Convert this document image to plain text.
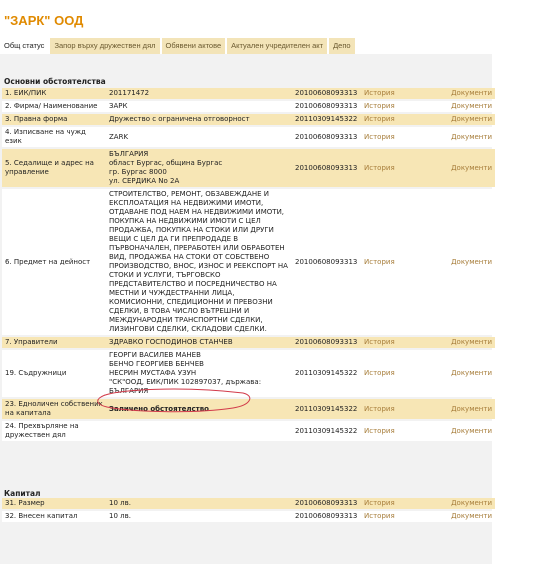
"ЗАРК" ООД
Общ статус	Запор върху дружествен дял	Обявени актове	Актуален учредителен акт	Депо
Основни обстоятелства
1. ЕИК/ПИК	201171472	20100608093313	История	Документи
2. Фирма/ Наименование	ЗАРК	20100608093313	История	Документи
3. Правна форма	Дружество с ограничена отговорност	20110309145322	История	Документи
4. Изписване на чужд език	ZARK	20100608093313	История	Документи
5. Седалище и адрес на управление	БЪЛГАРИЯ
област Бургас, община Бургас
гр. Бургас 8000
ул. СЕРДИКА No 2А	20100608093313	История	Документи
6. Предмет на дейност	СТРОИТЕЛСТВО, РЕМОНТ, ОБЗАВЕЖДАНЕ И ЕКСПЛОАТАЦИЯ НА НЕДВИЖИМИ ИМОТИ, ОТДАВАНЕ ПОД НАЕМ НА НЕДВИЖИМИ ИМОТИ, ПОКУПКА НА НЕДВИЖИМИ ИМОТИ С ЦЕЛ ПРОДАЖБА, ПОКУПКА НА СТОКИ ИЛИ ДРУГИ ВЕЩИ С ЦЕЛ ДА ГИ ПРЕПРОДАДЕ В ПЪРВОНАЧАЛЕН, ПРЕРАБОТЕН ИЛИ ОБРАБОТЕН ВИД, ПРОДАЖБА НА СТОКИ ОТ СОБСТВЕНО ПРОИЗВОДСТВО, ВНОС, ИЗНОС И РЕЕКСПОРТ НА СТОКИ И УСЛУГИ, ТЪРГОВСКО ПРЕДСТАВИТЕЛСТВО И ПОСРЕДНИЧЕСТВО НА МЕСТНИ И ЧУЖДЕСТРАННИ ЛИЦА, КОМИСИОННИ, СПЕДИЦИОННИ И ПРЕВОЗНИ СДЕЛКИ, В ТОВА ЧИСЛО ВЪТРЕШНИ И МЕЖДУНАРОДНИ ТРАНСПОРТНИ СДЕЛКИ, ЛИЗИНГОВИ СДЕЛКИ, СКЛАДОВИ СДЕЛКИ.	20100608093313	История	Документи
7. Управители	ЗДРАВКО ГОСПОДИНОВ СТАНЧЕВ	20100608093313	История	Документи
19. Съдружници	ГЕОРГИ ВАСИЛЕВ МАНЕВ
БЕНЧО ГЕОРГИЕВ БЕНЧЕВ
НЕСРИН МУСТАФА УЗУН
"СК"ООД, ЕИК/ПИК 102897037, държава: БЪЛГАРИЯ	20110309145322	История	Документи
23. Едноличен собственик на капитала	Заличено обстоятелство	20110309145322	История	Документи
24. Прехвърляне на дружествен дял		20110309145322	История	Документи
Капитал
31. Размер	10 лв.	20100608093313	История	Документи
32. Внесен капитал	10 лв.	20100608093313	История	Документи
